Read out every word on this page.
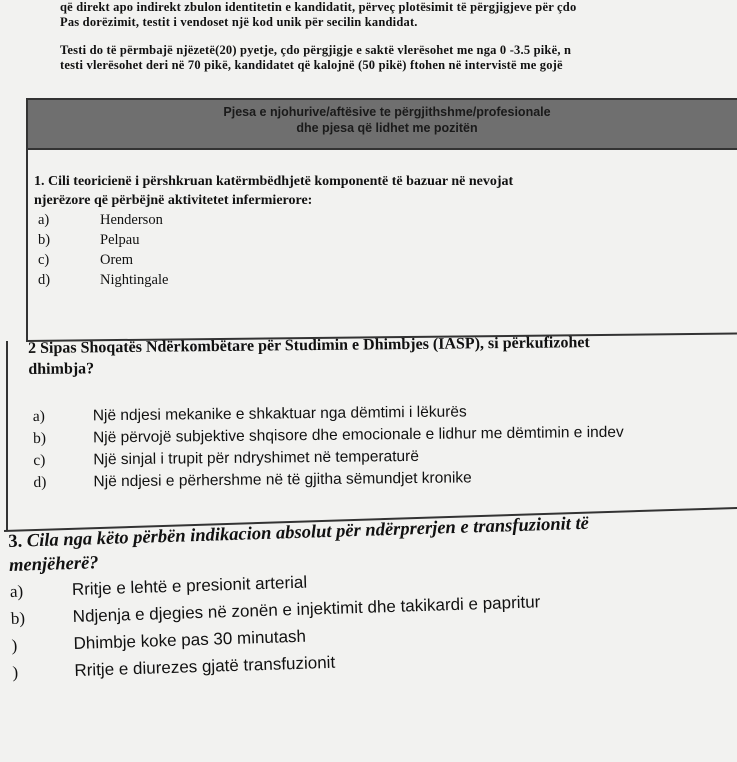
që direkt apo indirekt zbulon identitetin e kandidatit, përveç plotësimit të përgjigjeve për çdo

Pas dorëzimit, testit i vendoset një kod unik për secilin kandidat.

Testi do të përmbajë njëzetë(20) pyetje, çdo përgjigje e saktë vlerësohet me nga 0 -3.5 pikë, n

testi vlerësohet deri në 70 pikë, kandidatet që kalojnë (50 pikë) ftohen në intervistë me gojë

Pjesa e njohurive/aftësive te përgjithshme/profesionale
dhe pjesa që lidhet me pozitën

1. Cili teoricienë i përshkruan katërmbëdhjetë komponentë të bazuar në nevojat

njerëzore që përbëjnë aktivitetet infermierore:

a)	Henderson
b)	Pelpau
c)	Orem
d)	Nightingale

2 Sipas Shoqatës Ndërkombëtare për Studimin e Dhimbjes (IASP), si përkufizohet

dhimbja?

a)	Një ndjesi mekanike e shkaktuar nga dëmtimi i lëkurës
b)	Një përvojë subjektive shqisore dhe emocionale e lidhur me dëmtimin e indev
c)	Një sinjal i trupit për ndryshimet në temperaturë
d)	Një ndjesi e përhershme në të gjitha sëmundjet kronike

3. Cila nga këto përbën indikacion absolut për ndërprerjen e transfuzionit të

menjëherë?

a)	Rritje e lehtë e presionit arterial
b)	Ndjenja e djegies në zonën e injektimit dhe takikardi e papritur
)	Dhimbje koke pas 30 minutash
)	Rritje e diurezes gjatë transfuzionit
